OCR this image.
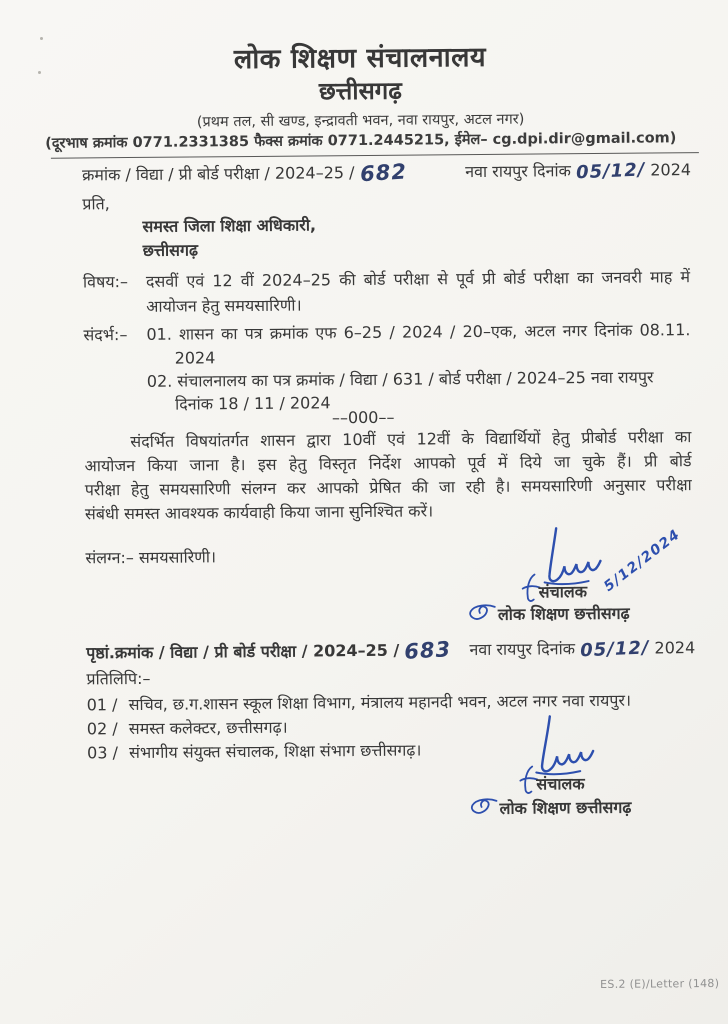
लोक शिक्षण संचालनालय
छत्तीसगढ़
(प्रथम तल, सी खण्ड, इन्द्रावती भवन, नवा रायपुर, अटल नगर)
(दूरभाष क्रमांक 0771.2331385 फैक्स क्रमांक 0771.2445215, ईमेल– cg.dpi.dir@gmail.com)
क्रमांक / विद्या / प्री बोर्ड परीक्षा / 2024–25 / 682	नवा रायपुर दिनांक 05/12/ 2024
प्रति,
समस्त जिला शिक्षा अधिकारी,
छत्तीसगढ़
विषय:– दसवीं एवं 12 वीं 2024–25 की बोर्ड परीक्षा से पूर्व प्री बोर्ड परीक्षा का जनवरी माह में
आयोजन हेतु समयसारिणी।
संदर्भ:– 01. शासन का पत्र क्रमांक एफ 6–25 / 2024 / 20–एक, अटल नगर दिनांक 08.11.
2024
02. संचालनालय का पत्र क्रमांक / विद्या / 631 / बोर्ड परीक्षा / 2024–25 नवा रायपुर
दिनांक 18 / 11 / 2024
––000––
संदर्भित विषयांतर्गत शासन द्वारा 10वीं एवं 12वीं के विद्यार्थियों हेतु प्रीबोर्ड परीक्षा का
आयोजन किया जाना है। इस हेतु विस्तृत निर्देश आपको पूर्व में दिये जा चुके हैं। प्री बोर्ड
परीक्षा हेतु समयसारिणी संलग्न कर आपको प्रेषित की जा रही है। समयसारिणी अनुसार परीक्षा
संबंधी समस्त आवश्यक कार्यवाही किया जाना सुनिश्चित करें।
संलग्न:– समयसारिणी।	5/12/2024
संचालक
लोक शिक्षण छत्तीसगढ़
पृष्ठां.क्रमांक / विद्या / प्री बोर्ड परीक्षा / 2024–25 / 683 नवा रायपुर दिनांक 05/12/ 2024
प्रतिलिपि:–
01 / सचिव, छ.ग.शासन स्कूल शिक्षा विभाग, मंत्रालय महानदी भवन, अटल नगर नवा रायपुर।
02 / समस्त कलेक्टर, छत्तीसगढ़।
03 / संभागीय संयुक्त संचालक, शिक्षा संभाग छत्तीसगढ़।
संचालक
लोक शिक्षण छत्तीसगढ़
ES.2 (E)/Letter (148)
